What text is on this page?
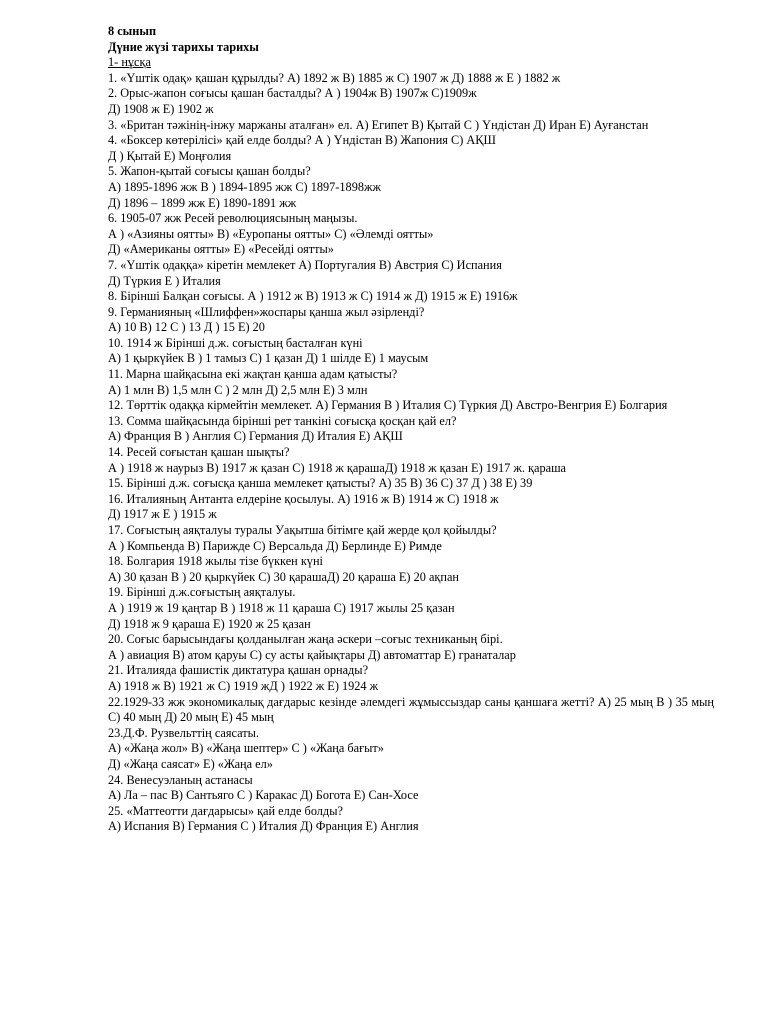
8 сынып
Дүние жүзі тарихы тарихы
1- нұсқа
1. «Үштік одақ» қашан құрылды? А) 1892 ж В) 1885 ж С) 1907 ж Д) 1888 ж Е ) 1882 ж
2. Орыс-жапон соғысы қашан басталды? А ) 1904ж В) 1907ж С)1909ж
Д) 1908 ж Е) 1902 ж
3. «Британ тәжінің-інжу маржаны аталған» ел. А) Египет В) Қытай С ) Үндістан Д) Иран Е) Ауғанстан
4. «Боксер көтерілісі» қай елде болды? А ) Үндістан В) Жапония С) АҚШ
Д ) Қытай Е) Моңғолия
5. Жапон-қытай соғысы қашан болды?
А) 1895-1896 жж В ) 1894-1895 жж С) 1897-1898жж
Д) 1896 – 1899 жж Е) 1890-1891 жж
6. 1905-07 жж Ресей революциясының маңызы.
А ) «Азияны оятты» В) «Еуропаны оятты» С) «Әлемді оятты»
Д) «Американы оятты» Е) «Ресейді оятты»
7. «Үштік одаққа» кіретін мемлекет А) Португалия В) Австрия С) Испания
Д) Түркия Е ) Италия
8. Бірінші Балқан соғысы. А ) 1912 ж В) 1913 ж С) 1914 ж Д) 1915 ж Е) 1916ж
9. Германияның «Шлиффен»жоспары қанша жыл әзірленді?
А) 10 В) 12 С ) 13 Д ) 15 Е) 20
10. 1914 ж Бірінші д.ж. соғыстың басталған күні
А) 1 қыркүйек В ) 1 тамыз С) 1 қазан Д) 1 шілде Е) 1 маусым
11. Марна шайқасына екі жақтан қанша адам қатысты?
А) 1 млн В) 1,5 млн С ) 2 млн Д) 2,5 млн Е) 3 млн
12. Төрттік одаққа кірмейтін мемлекет. А) Германия В ) Италия С) Түркия Д) Австро-Венгрия Е) Болгария
13. Сомма шайқасында бірінші рет танкіні соғысқа қосқан қай ел?
А) Франция В ) Англия С) Германия Д) Италия Е) АҚШ
14. Ресей соғыстан қашан шықты?
А ) 1918 ж наурыз В) 1917 ж қазан С) 1918 ж қарашаД) 1918 ж қазан Е) 1917 ж. қараша
15. Бірінші д.ж. соғысқа қанша мемлекет қатысты? А) 35 В) 36 С) 37 Д ) 38 Е) 39
16. Италияның Антанта елдеріне қосылуы. А) 1916 ж В) 1914 ж С) 1918 ж
Д) 1917 ж Е ) 1915 ж
17. Соғыстың аяқталуы туралы Уақытша бітімге қай жерде қол қойылды?
А ) Компьенда В) Парижде С) Версальда Д) Берлинде Е) Римде
18. Болгария 1918 жылы тізе бүккен күні
А) 30 қазан В ) 20 қыркүйек С) 30 қарашаД) 20 қараша Е) 20 ақпан
19. Бірінші д.ж.соғыстың аяқталуы.
А ) 1919 ж 19 қаңтар В ) 1918 ж 11 қараша С) 1917 жылы 25 қазан
Д) 1918 ж 9 қараша Е) 1920 ж 25 қазан
20. Соғыс барысындағы қолданылған жаңа әскери –соғыс техниканың бірі.
А ) авиация В) атом қаруы С) су асты қайықтары Д) автоматтар Е) гранаталар
21. Италияда фашистік диктатура қашан орнады?
А) 1918 ж В) 1921 ж С) 1919 жД ) 1922 ж Е) 1924 ж
22.1929-33 жж экономикалық дағдарыс кезінде әлемдегі жұмыссыздар саны қаншаға жетті? А) 25 мың В ) 35 мың С) 40 мың Д) 20 мың Е) 45 мың
23.Д.Ф. Рузвельттің саясаты.
А) «Жаңа жол» В) «Жаңа шептер» С ) «Жаңа бағыт»
Д) «Жаңа саясат» Е) «Жаңа ел»
24. Венесуэланың астанасы
А) Ла – пас В) Сантьяго С ) Каракас Д) Богота Е) Сан-Хосе
25. «Маттеотти дағдарысы» қай елде болды?
А) Испания В) Германия С ) Италия Д) Франция Е) Англия
